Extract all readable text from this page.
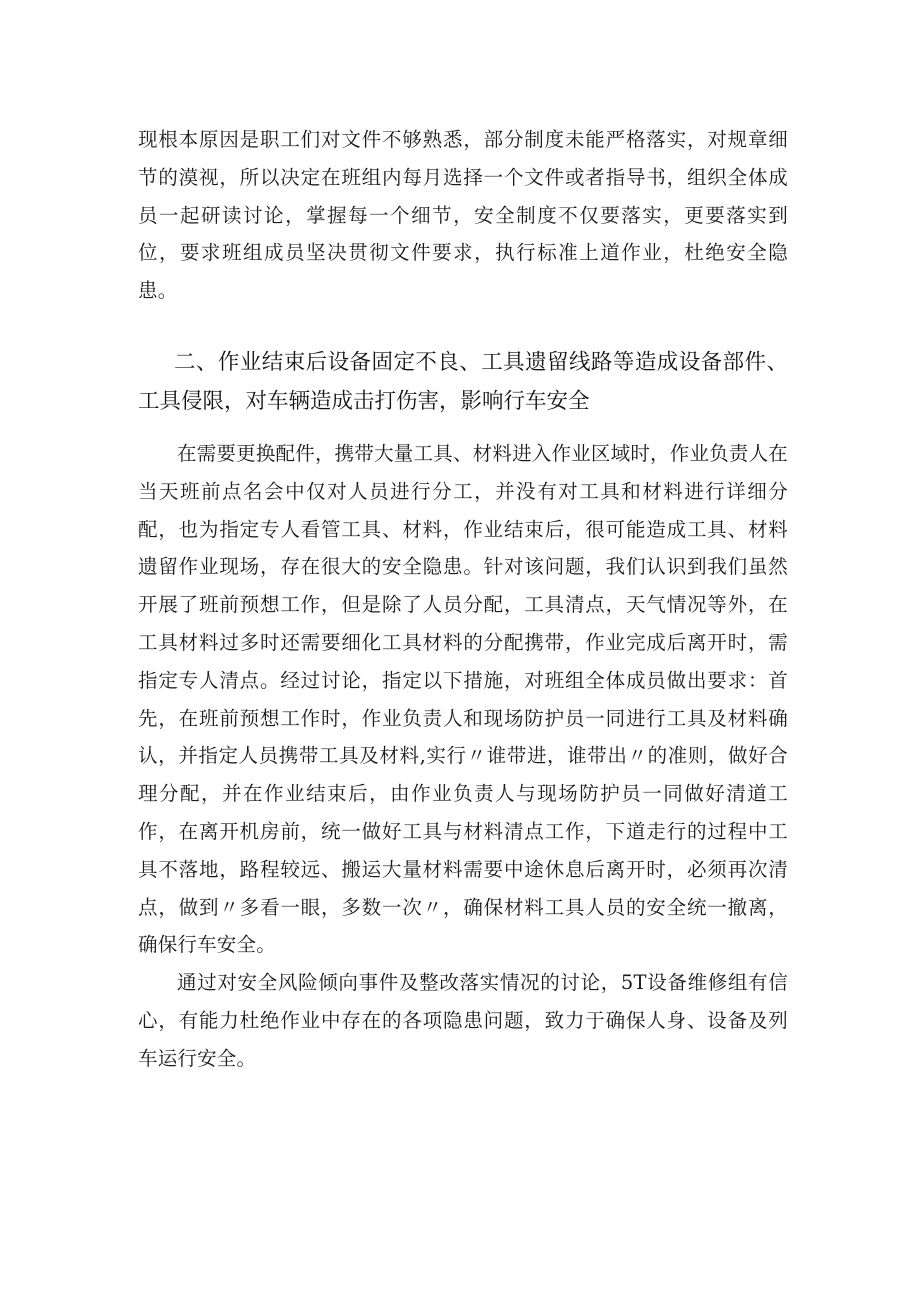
现根本原因是职工们对文件不够熟悉，部分制度未能严格落实，对规章细节的漠视，所以决定在班组内每月选择一个文件或者指导书，组织全体成员一起研读讨论，掌握每一个细节，安全制度不仅要落实，更要落实到位，要求班组成员坚决贯彻文件要求，执行标准上道作业，杜绝安全隐患。

二、作业结束后设备固定不良、工具遗留线路等造成设备部件、工具侵限，对车辆造成击打伤害，影响行车安全

在需要更换配件，携带大量工具、材料进入作业区域时，作业负责人在当天班前点名会中仅对人员进行分工，并没有对工具和材料进行详细分配，也为指定专人看管工具、材料，作业结束后，很可能造成工具、材料遗留作业现场，存在很大的安全隐患。针对该问题，我们认识到我们虽然开展了班前预想工作，但是除了人员分配，工具清点，天气情况等外，在工具材料过多时还需要细化工具材料的分配携带，作业完成后离开时，需指定专人清点。经过讨论，指定以下措施，对班组全体成员做出要求：首先，在班前预想工作时，作业负责人和现场防护员一同进行工具及材料确认，并指定人员携带工具及材料,实行〃谁带进，谁带出〃的准则，做好合理分配，并在作业结束后，由作业负责人与现场防护员一同做好清道工作，在离开机房前，统一做好工具与材料清点工作，下道走行的过程中工具不落地，路程较远、搬运大量材料需要中途休息后离开时，必须再次清点，做到〃多看一眼，多数一次〃，确保材料工具人员的安全统一撤离，确保行车安全。

通过对安全风险倾向事件及整改落实情况的讨论，5T设备维修组有信心，有能力杜绝作业中存在的各项隐患问题，致力于确保人身、设备及列车运行安全。
